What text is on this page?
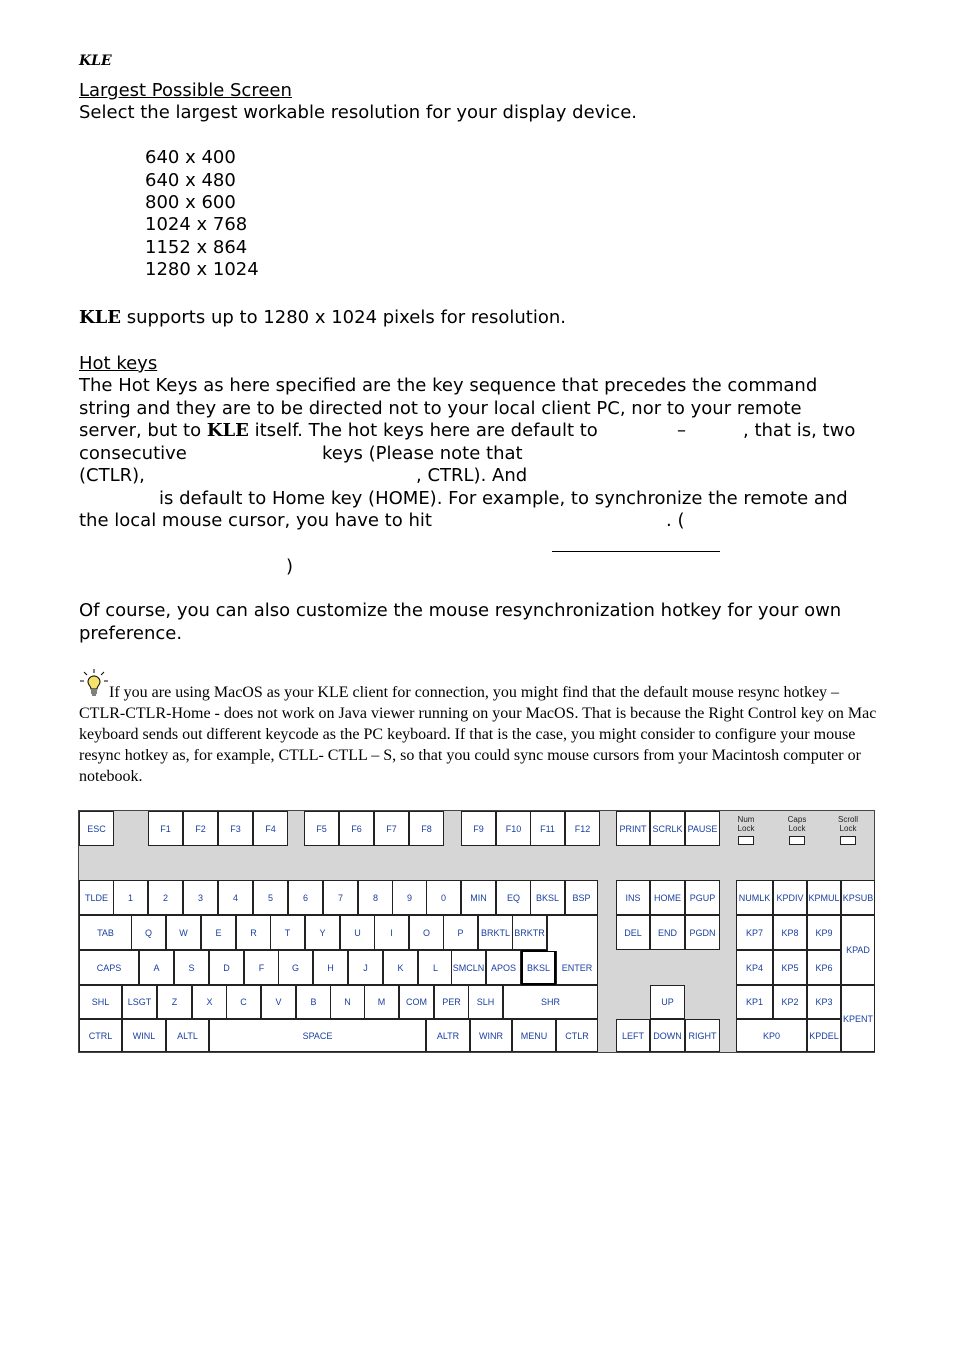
KLE
Largest Possible Screen
Select the largest workable resolution for your display device.
640 x 400
640 x 480
800 x 600
1024 x 768
1152 x 864
1280 x 1024
KLE supports up to 1280 x 1024 pixels for resolution.
Hot keys
The Hot Keys as here specified are the key sequence that precedes the command
string and they are to be directed not to your local client PC, nor to your remote
server, but to KLE itself. The hot keys here are default to	–	, that is, two
consecutive	keys (Please note that
(CTLR),	, CTRL). And
is default to Home key (HOME). For example, to synchronize the remote and
the local mouse cursor, you have to hit	. (
)
Of course, you can also customize the mouse resynchronization hotkey for your own
preference.
If you are using MacOS as your KLE client for connection, you might find that the default mouse resync hotkey – CTLR-CTLR-Home - does not work on Java viewer running on your MacOS. That is because the Right Control key on Mac keyboard sends out different keycode as the PC keyboard. If that is the case, you might consider to configure your mouse resync hotkey as, for example, CTLL- CTLL – S, so that you could sync mouse cursors from your Macintosh computer or notebook.
ESC	F1	F2	F3	F4	F5	F6	F7	F8	F9	F10	F11	F12	PRINT SCRLK PAUSE
TLDE	1	2	3	4	5	6	7	8	9	0	MIN	EQ	BKSL	BSP	INS	HOME PGUP	NUMLK KPDIV KPMUL KPSUB
TAB	Q	W	E	R	T	Y	U	I	O	P	BRKTL BRKTR	DEL	END	PGDN	KP7	KP8	KP9
KPAD
CAPS	A	S	D	F	G	H	J	K	L	SMCLN APOS	BKSL	ENTER	KP4	KP5	KP6
SHL	LSGT	Z	X	C	V	B	N	M	COM	PER	SLH	SHR	UP	KP1	KP2	KP3
KPENT
CTRL	WINL	ALTL	SPACE	ALTR	WINR	MENU	CTLR	LEFT	DOWN RIGHT	KP0	KPDEL
Num
Lock
Caps
Lock
Scroll
Lock
